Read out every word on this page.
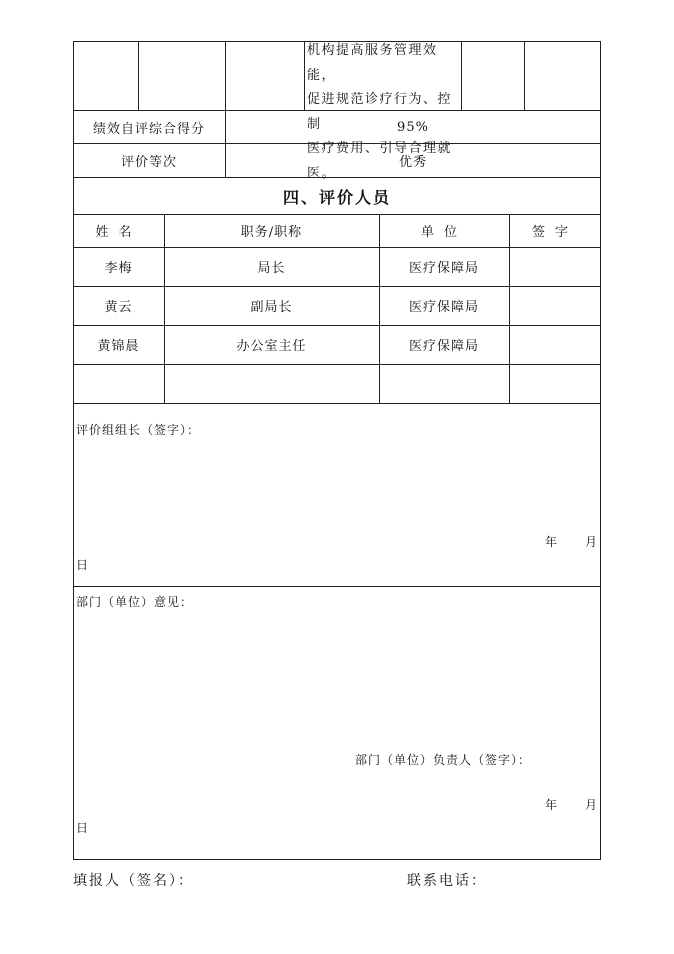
机构提高服务管理效能，
促进规范诊疗行为、控制
医疗费用、引导合理就医。
绩效自评综合得分	95%
评价等次	优秀
四、评价人员
姓名	职务/职称	单位	签字
李梅	局长	医疗保障局
黄云	副局长	医疗保障局
黄锦晨	办公室主任	医疗保障局
评价组组长（签字）：
年 月
日
部门（单位）意见：
部门（单位）负责人（签字）：
年 月
日
填报人（签名）：	联系电话：
